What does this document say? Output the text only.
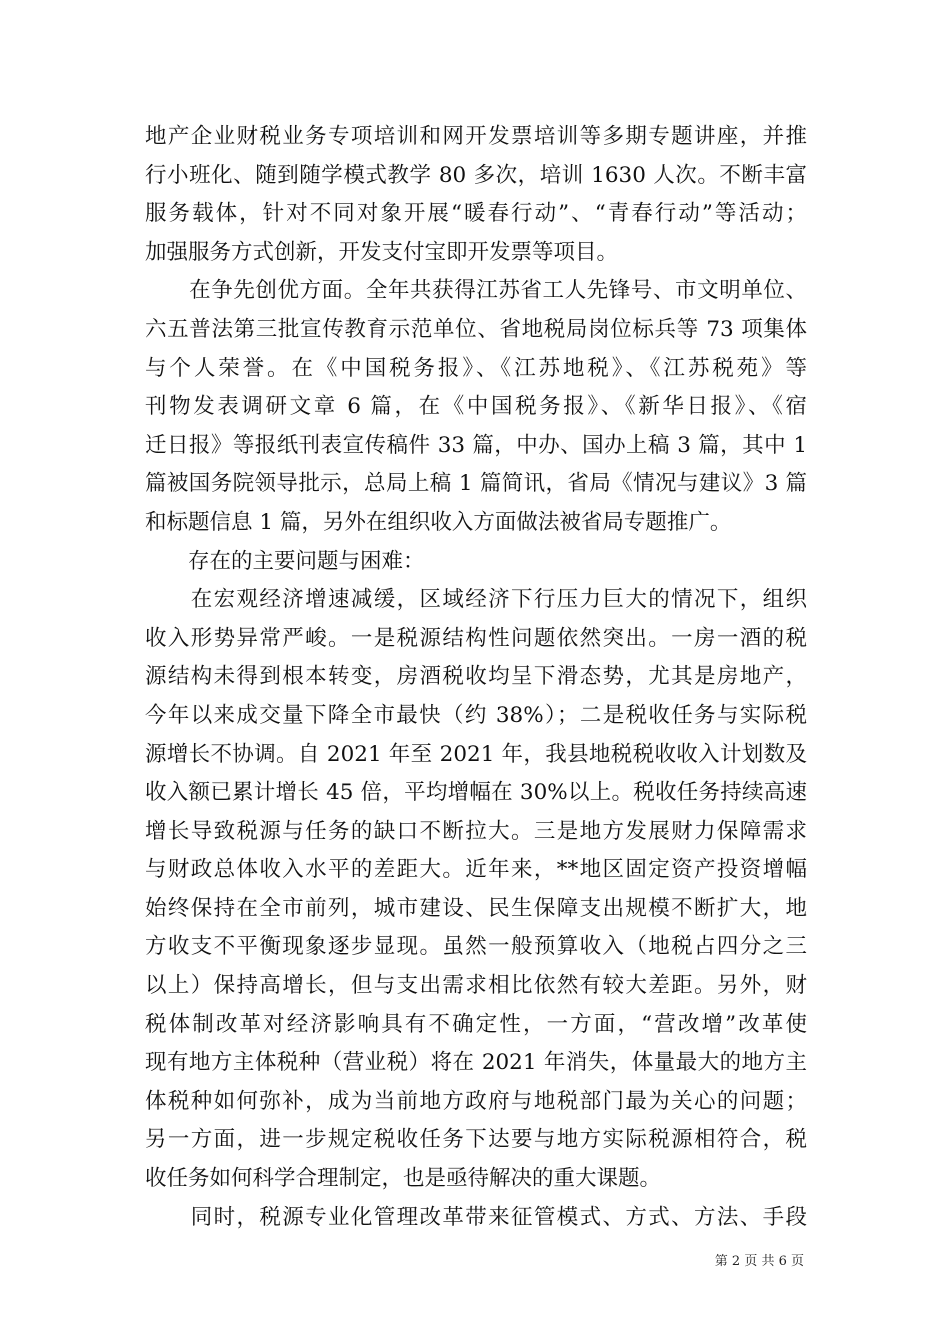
地产企业财税业务专项培训和网开发票培训等多期专题讲座，并推
行小班化、随到随学模式教学 80 多次，培训 1630 人次。不断丰富
服务载体，针对不同对象开展“暖春行动”、“青春行动”等活动；
加强服务方式创新，开发支付宝即开发票等项目。
　　在争先创优方面。全年共获得江苏省工人先锋号、市文明单位、
六五普法第三批宣传教育示范单位、省地税局岗位标兵等 73 项集体
与个人荣誉。在《中国税务报》、《江苏地税》、《江苏税苑》等
刊物发表调研文章 6 篇，在《中国税务报》、《新华日报》、《宿
迁日报》等报纸刊表宣传稿件 33 篇，中办、国办上稿 3 篇，其中 1
篇被国务院领导批示，总局上稿 1 篇简讯，省局《情况与建议》3 篇
和标题信息 1 篇，另外在组织收入方面做法被省局专题推广。
　　存在的主要问题与困难：
　　在宏观经济增速减缓，区域经济下行压力巨大的情况下，组织
收入形势异常严峻。一是税源结构性问题依然突出。一房一酒的税
源结构未得到根本转变，房酒税收均呈下滑态势，尤其是房地产，
今年以来成交量下降全市最快（约 38%）；二是税收任务与实际税
源增长不协调。自 2021 年至 2021 年，我县地税税收收入计划数及
收入额已累计增长 45 倍，平均增幅在 30%以上。税收任务持续高速
增长导致税源与任务的缺口不断拉大。三是地方发展财力保障需求
与财政总体收入水平的差距大。近年来，**地区固定资产投资增幅
始终保持在全市前列，城市建设、民生保障支出规模不断扩大，地
方收支不平衡现象逐步显现。虽然一般预算收入（地税占四分之三
以上）保持高增长，但与支出需求相比依然有较大差距。另外，财
税体制改革对经济影响具有不确定性，一方面，“营改增”改革使
现有地方主体税种（营业税）将在 2021 年消失，体量最大的地方主
体税种如何弥补，成为当前地方政府与地税部门最为关心的问题；
另一方面，进一步规定税收任务下达要与地方实际税源相符合，税
收任务如何科学合理制定，也是亟待解决的重大课题。
　　同时，税源专业化管理改革带来征管模式、方式、方法、手段
第 2 页 共 6 页
